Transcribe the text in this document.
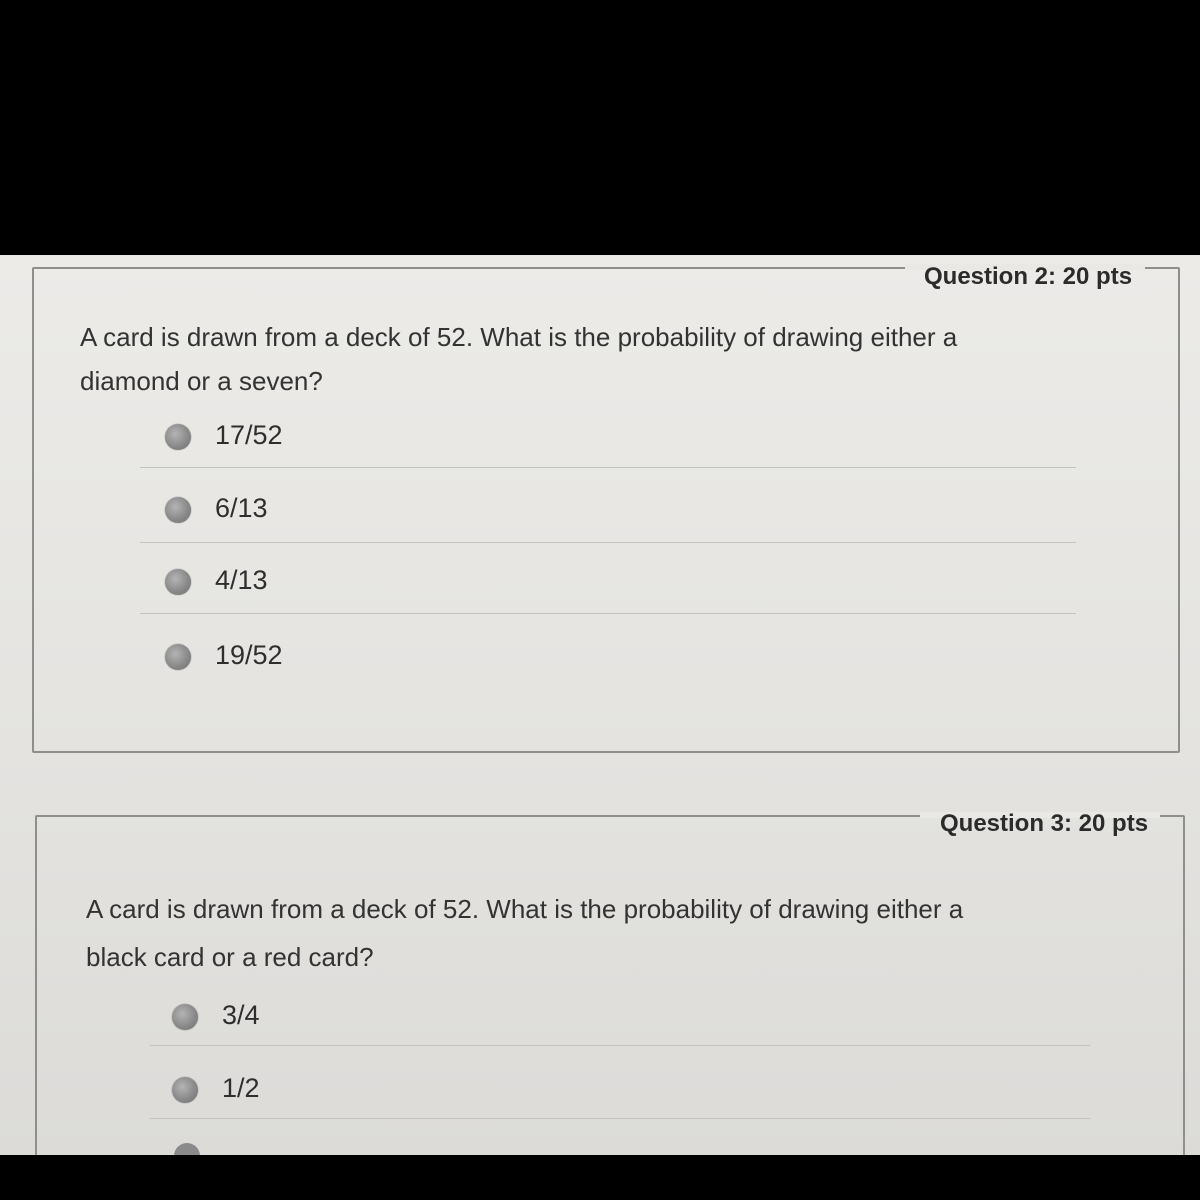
Question 2: 20 pts
A card is drawn from a deck of 52. What is the probability of drawing either a
diamond or a seven?
17/52
6/13
4/13
19/52
Question 3: 20 pts
A card is drawn from a deck of 52. What is the probability of drawing either a
black card or a red card?
3/4
1/2
